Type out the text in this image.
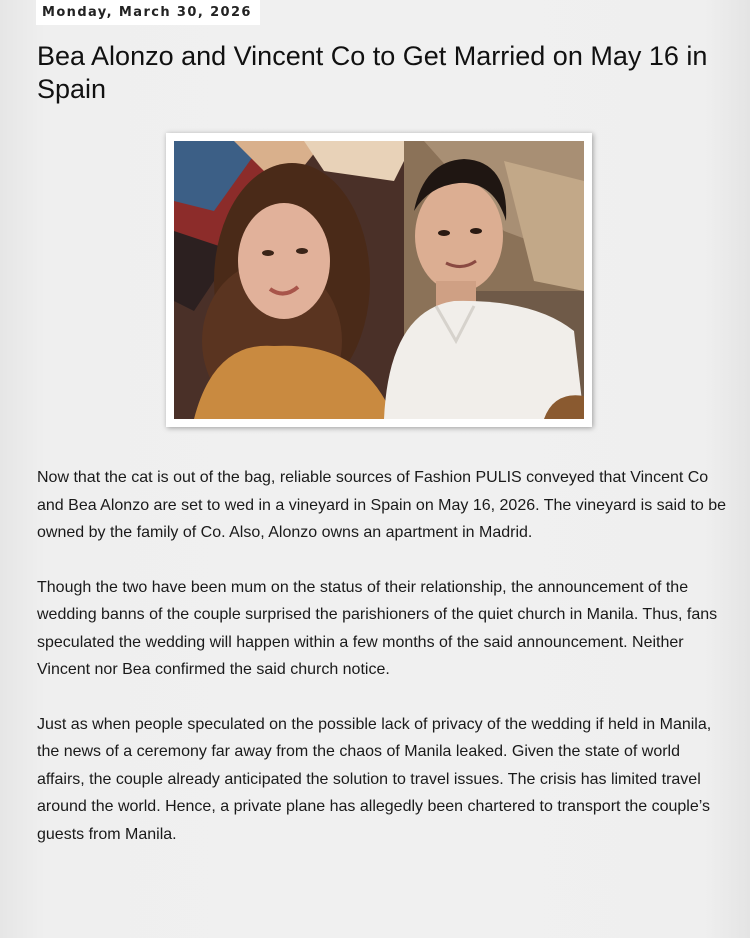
Monday, March 30, 2026
Bea Alonzo and Vincent Co to Get Married on May 16 in Spain

Now that the cat is out of the bag, reliable sources of Fashion PULIS conveyed that Vincent Co and Bea Alonzo are set to wed in a vineyard in Spain on May 16, 2026. The vineyard is said to be owned by the family of Co. Also, Alonzo owns an apartment in Madrid.

Though the two have been mum on the status of their relationship, the announcement of the wedding banns of the couple surprised the parishioners of the quiet church in Manila. Thus, fans speculated the wedding will happen within a few months of the said announcement. Neither Vincent nor Bea confirmed the said church notice.

Just as when people speculated on the possible lack of privacy of the wedding if held in Manila, the news of a ceremony far away from the chaos of Manila leaked. Given the state of world affairs, the couple already anticipated the solution to travel issues. The crisis has limited travel around the world. Hence, a private plane has allegedly been chartered to transport the couple’s guests from Manila.
